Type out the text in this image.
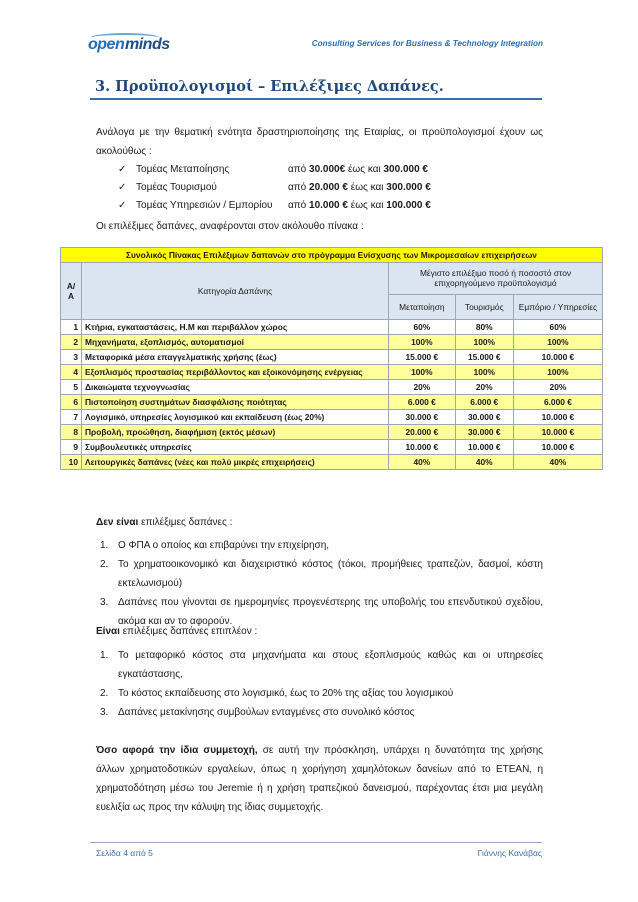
open minds	Consulting Services for Business & Technology Integration
3. Προϋπολογισμοί – Επιλέξιμες Δαπάνες.
Ανάλογα με την θεματική ενότητα δραστηριοποίησης της Εταιρίας, οι προϋπολογισμοί έχουν ως ακολούθως :
✓ Τομέας Μεταποίησης	από 30.000€ έως και 300.000 €
✓ Τομέας Τουρισμού	από 20.000 € έως και 300.000 €
✓ Τομέας Υπηρεσιών / Εμπορίου από 10.000 € έως και 100.000 €
Οι επιλέξιμες δαπάνες, αναφέρονται στον ακόλουθο πίνακα :
Συνολικός Πίνακας Επιλέξιμων δαπανών στο πρόγραμμα Ενίσχυσης των Μικρομεσαίων επιχειρήσεων				
Α/Α	Κατηγορία Δαπάνης	Μέγιστο επιλέξιμο ποσό ή ποσοστό στον επιχορηγούμενο προϋπολογισμό		
		Μεταποίηση	Τουρισμός	Εμπόριο / Υπηρεσίες
1	Κτήρια, εγκαταστάσεις, Η.Μ και περιβάλλον χώρος	60%	80%	60%
2	Μηχανήματα, εξοπλισμός, αυτοματισμοί	100%	100%	100%
3	Μεταφορικά μέσα επαγγελματικής χρήσης (έως)	15.000 €	15.000 €	10.000 €
4	Εξοπλισμός προστασίας περιβάλλοντος και εξοικονόμησης ενέργειας	100%	100%	100%
5	Δικαιώματα τεχνογνωσίας	20%	20%	20%
6	Πιστοποίηση συστημάτων διασφάλισης ποιότητας	6.000 €	6.000 €	6.000 €
7	Λογισμικό, υπηρεσίες λογισμικού και εκπαίδευση (έως 20%)	30.000 €	30.000 €	10.000 €
8	Προβολή, προώθηση, διαφήμιση (εκτός μέσων)	20.000 €	30.000 €	10.000 €
9	Συμβουλευτικές υπηρεσίες	10.000 €	10.000 €	10.000 €
10	Λειτουργικές δαπάνες (νέες και πολύ μικρές επιχειρήσεις)	40%	40%	40%
Δεν είναι επιλέξιμες δαπάνες :
1. Ο ΦΠΑ ο οποίος και επιβαρύνει την επιχείρηση,
2. Το χρηματοοικονομικό και διαχειριστικό κόστος (τόκοι, προμήθειες τραπεζών, δασμοί, κόστη εκτελωνισμού)
3. Δαπάνες που γίνονται σε ημερομηνίες προγενέστερης της υποβολής του επενδυτικού σχεδίου, ακόμα και αν το αφορούν.
Είναι επιλέξιμες δαπάνες επιπλέον :
1. Το μεταφορικό κόστος στα μηχανήματα και στους εξοπλισμούς καθώς και οι υπηρεσίες εγκατάστασης,
2. Το κόστος εκπαίδευσης στο λογισμικό, έως το 20% της αξίας του λογισμικού
3. Δαπάνες μετακίνησης συμβούλων ενταγμένες στο συνολικό κόστος
Όσο αφορά την ίδια συμμετοχή, σε αυτή την πρόσκληση, υπάρχει η δυνατότητα της χρήσης άλλων χρηματοδοτικών εργαλείων, όπως η χορήγηση χαμηλότοκων δανείων από το ΕΤΕΑΝ, η χρηματοδότηση μέσω του Jeremie ή η χρήση τραπεζικού δανεισμού, παρέχοντας έτσι μια μεγάλη ευελιξία ως προς την κάλυψη της ίδιας συμμετοχής.
Σελίδα 4 από 5	Γιάννης Κανάβας
